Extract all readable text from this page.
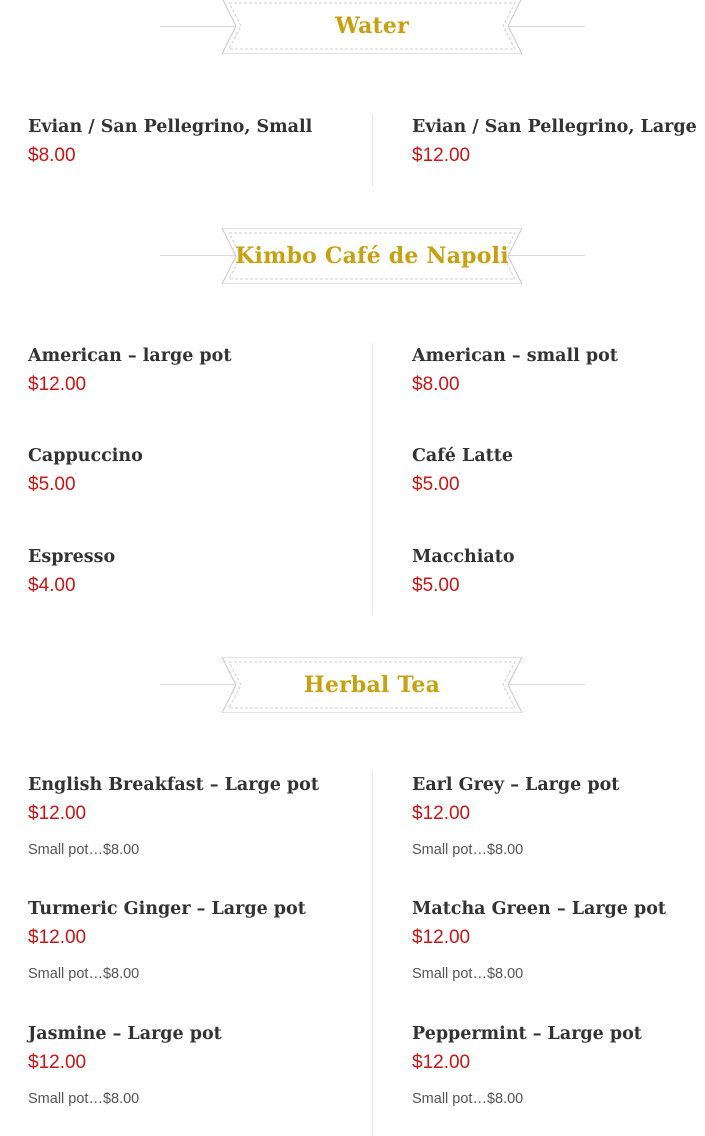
Water
Evian / San Pellegrino, Small
$8.00
Evian / San Pellegrino, Large
$12.00
Kimbo Café de Napoli
American – large pot
$12.00
American – small pot
$8.00
Cappuccino
$5.00
Café Latte
$5.00
Espresso
$4.00
Macchiato
$5.00
Herbal Tea
English Breakfast – Large pot
$12.00
Small pot…$8.00
Earl Grey – Large pot
$12.00
Small pot…$8.00
Turmeric Ginger – Large pot
$12.00
Small pot…$8.00
Matcha Green – Large pot
$12.00
Small pot…$8.00
Jasmine – Large pot
$12.00
Small pot…$8.00
Peppermint – Large pot
$12.00
Small pot…$8.00
